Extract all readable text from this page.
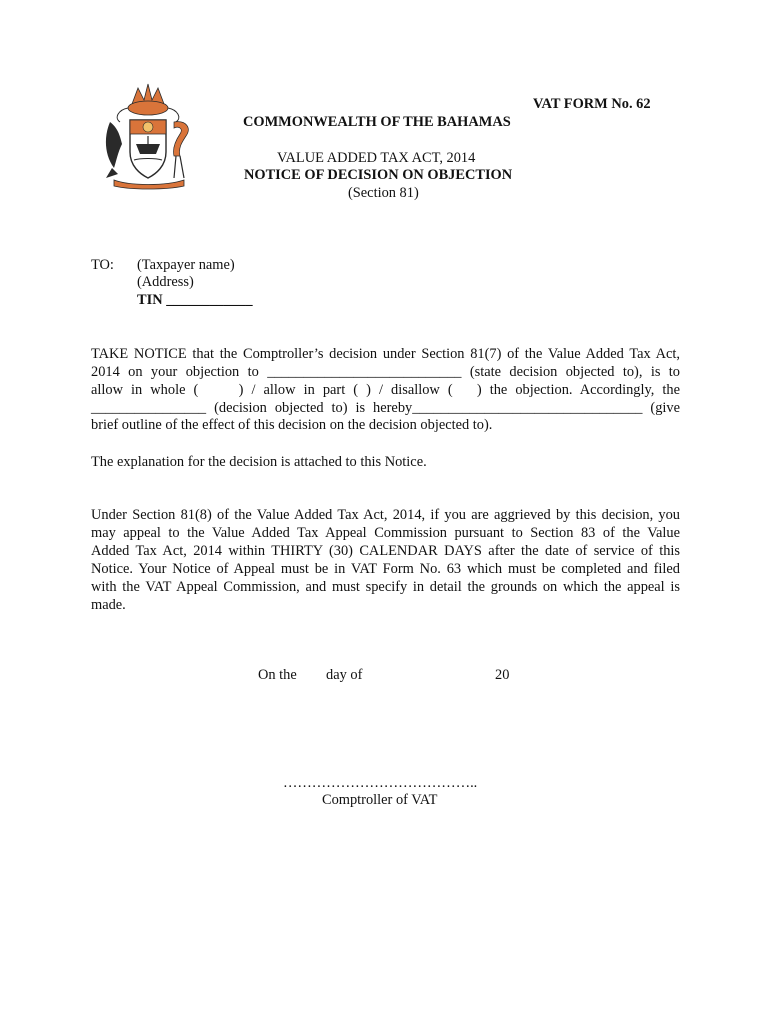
VAT FORM No. 62
COMMONWEALTH OF THE BAHAMAS
VALUE ADDED TAX ACT, 2014
NOTICE OF DECISION ON OBJECTION
(Section 81)
TO: (Taxpayer name)
(Address)
TIN ____________
TAKE NOTICE that the Comptroller’s decision under Section 81(7) of the Value Added Tax Act,
2014 on your objection to ___________________________ (state decision objected to), is to
allow in whole (     ) / allow in part ( ) / disallow (   ) the objection. Accordingly, the
________________ (decision objected to) is hereby________________________________ (give
brief outline of the effect of this decision on the decision objected to).
The explanation for the decision is attached to this Notice.
Under Section 81(8) of the Value Added Tax Act, 2014, if you are aggrieved by this decision, you
may appeal to the Value Added Tax Appeal Commission pursuant to Section 83 of the Value
Added Tax Act, 2014 within THIRTY (30) CALENDAR DAYS after the date of service of this
Notice. Your Notice of Appeal must be in VAT Form No. 63 which must be completed and filed
with the VAT Appeal Commission, and must specify in detail the grounds on which the appeal is
made.
On the day of	20
…………………………………..
Comptroller of VAT
